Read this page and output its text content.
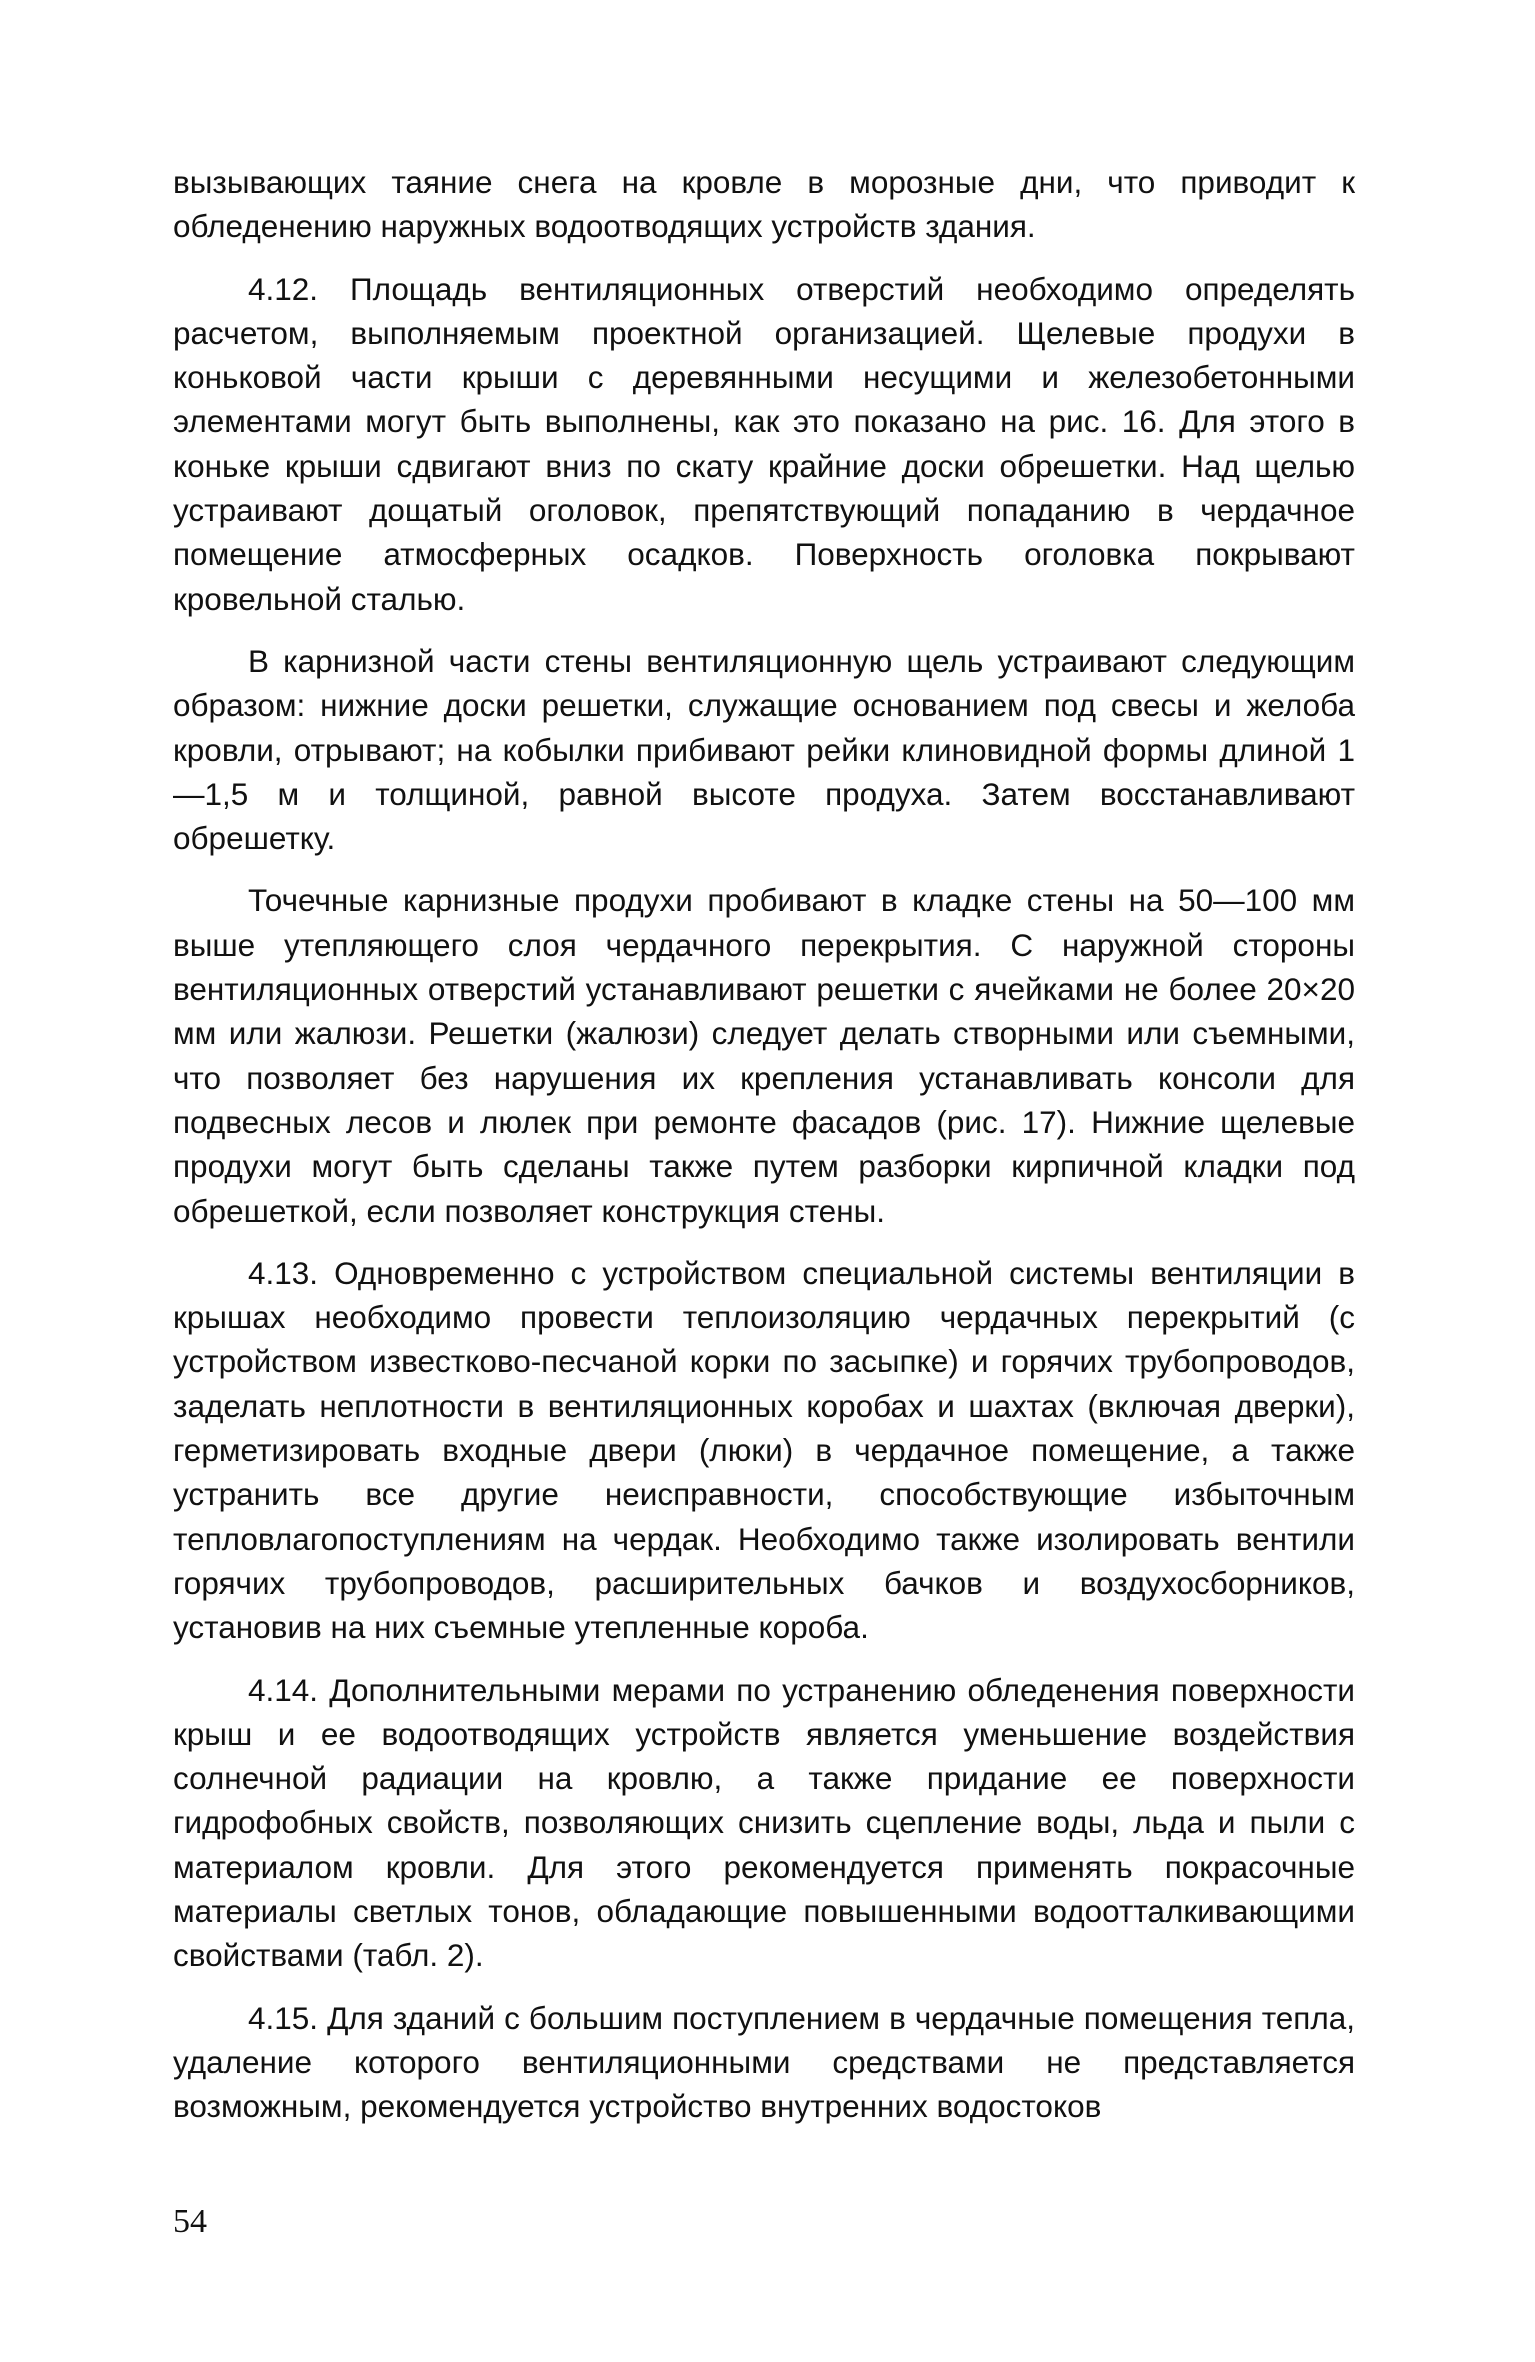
вызывающих таяние снега на кровле в морозные дни, что приводит к обледенению наружных водоотводящих устройств здания.

4.12. Площадь вентиляционных отверстий необходимо определять расчетом, выполняемым проектной организацией. Щелевые продухи в коньковой части крыши с деревянными несущими и железобетонными элементами могут быть выполнены, как это показано на рис. 16. Для этого в коньке крыши сдвигают вниз по скату крайние доски обрешетки. Над щелью устраивают дощатый оголовок, препятствующий попаданию в чердачное помещение атмосферных осадков. Поверхность оголовка покрывают кровельной сталью.

В карнизной части стены вентиляционную щель устраивают следующим образом: нижние доски решетки, служащие основанием под свесы и желоба кровли, отрывают; на кобылки прибивают рейки клиновидной формы длиной 1—1,5 м и толщиной, равной высоте продуха. Затем восстанавливают обрешетку.

Точечные карнизные продухи пробивают в кладке стены на 50—100 мм выше утепляющего слоя чердачного перекрытия. С наружной стороны вентиляционных отверстий устанавливают решетки с ячейками не более 20×20 мм или жалюзи. Решетки (жалюзи) следует делать створными или съемными, что позволяет без нарушения их крепления устанавливать консоли для подвесных лесов и люлек при ремонте фасадов (рис. 17). Нижние щелевые продухи могут быть сделаны также путем разборки кирпичной кладки под обрешеткой, если позволяет конструкция стены.

4.13. Одновременно с устройством специальной системы вентиляции в крышах необходимо провести теплоизоляцию чердачных перекрытий (с устройством известково-песчаной корки по засыпке) и горячих трубопроводов, заделать неплотности в вентиляционных коробах и шахтах (включая дверки), герметизировать входные двери (люки) в чердачное помещение, а также устранить все другие неисправности, способствующие избыточным тепловлагопоступлениям на чердак. Необходимо также изолировать вентили горячих трубопроводов, расширительных бачков и воздухосборников, установив на них съемные утепленные короба.

4.14. Дополнительными мерами по устранению обледенения поверхности крыш и ее водоотводящих устройств является уменьшение воздействия солнечной радиации на кровлю, а также придание ее поверхности гидрофобных свойств, позволяющих снизить сцепление воды, льда и пыли с материалом кровли. Для этого рекомендуется применять покрасочные материалы светлых тонов, обладающие повышенными водоотталкивающими свойствами (табл. 2).

4.15. Для зданий с большим поступлением в чердачные помещения тепла, удаление которого вентиляционными средствами не представляется возможным, рекомендуется устройство внутренних водостоков

54
